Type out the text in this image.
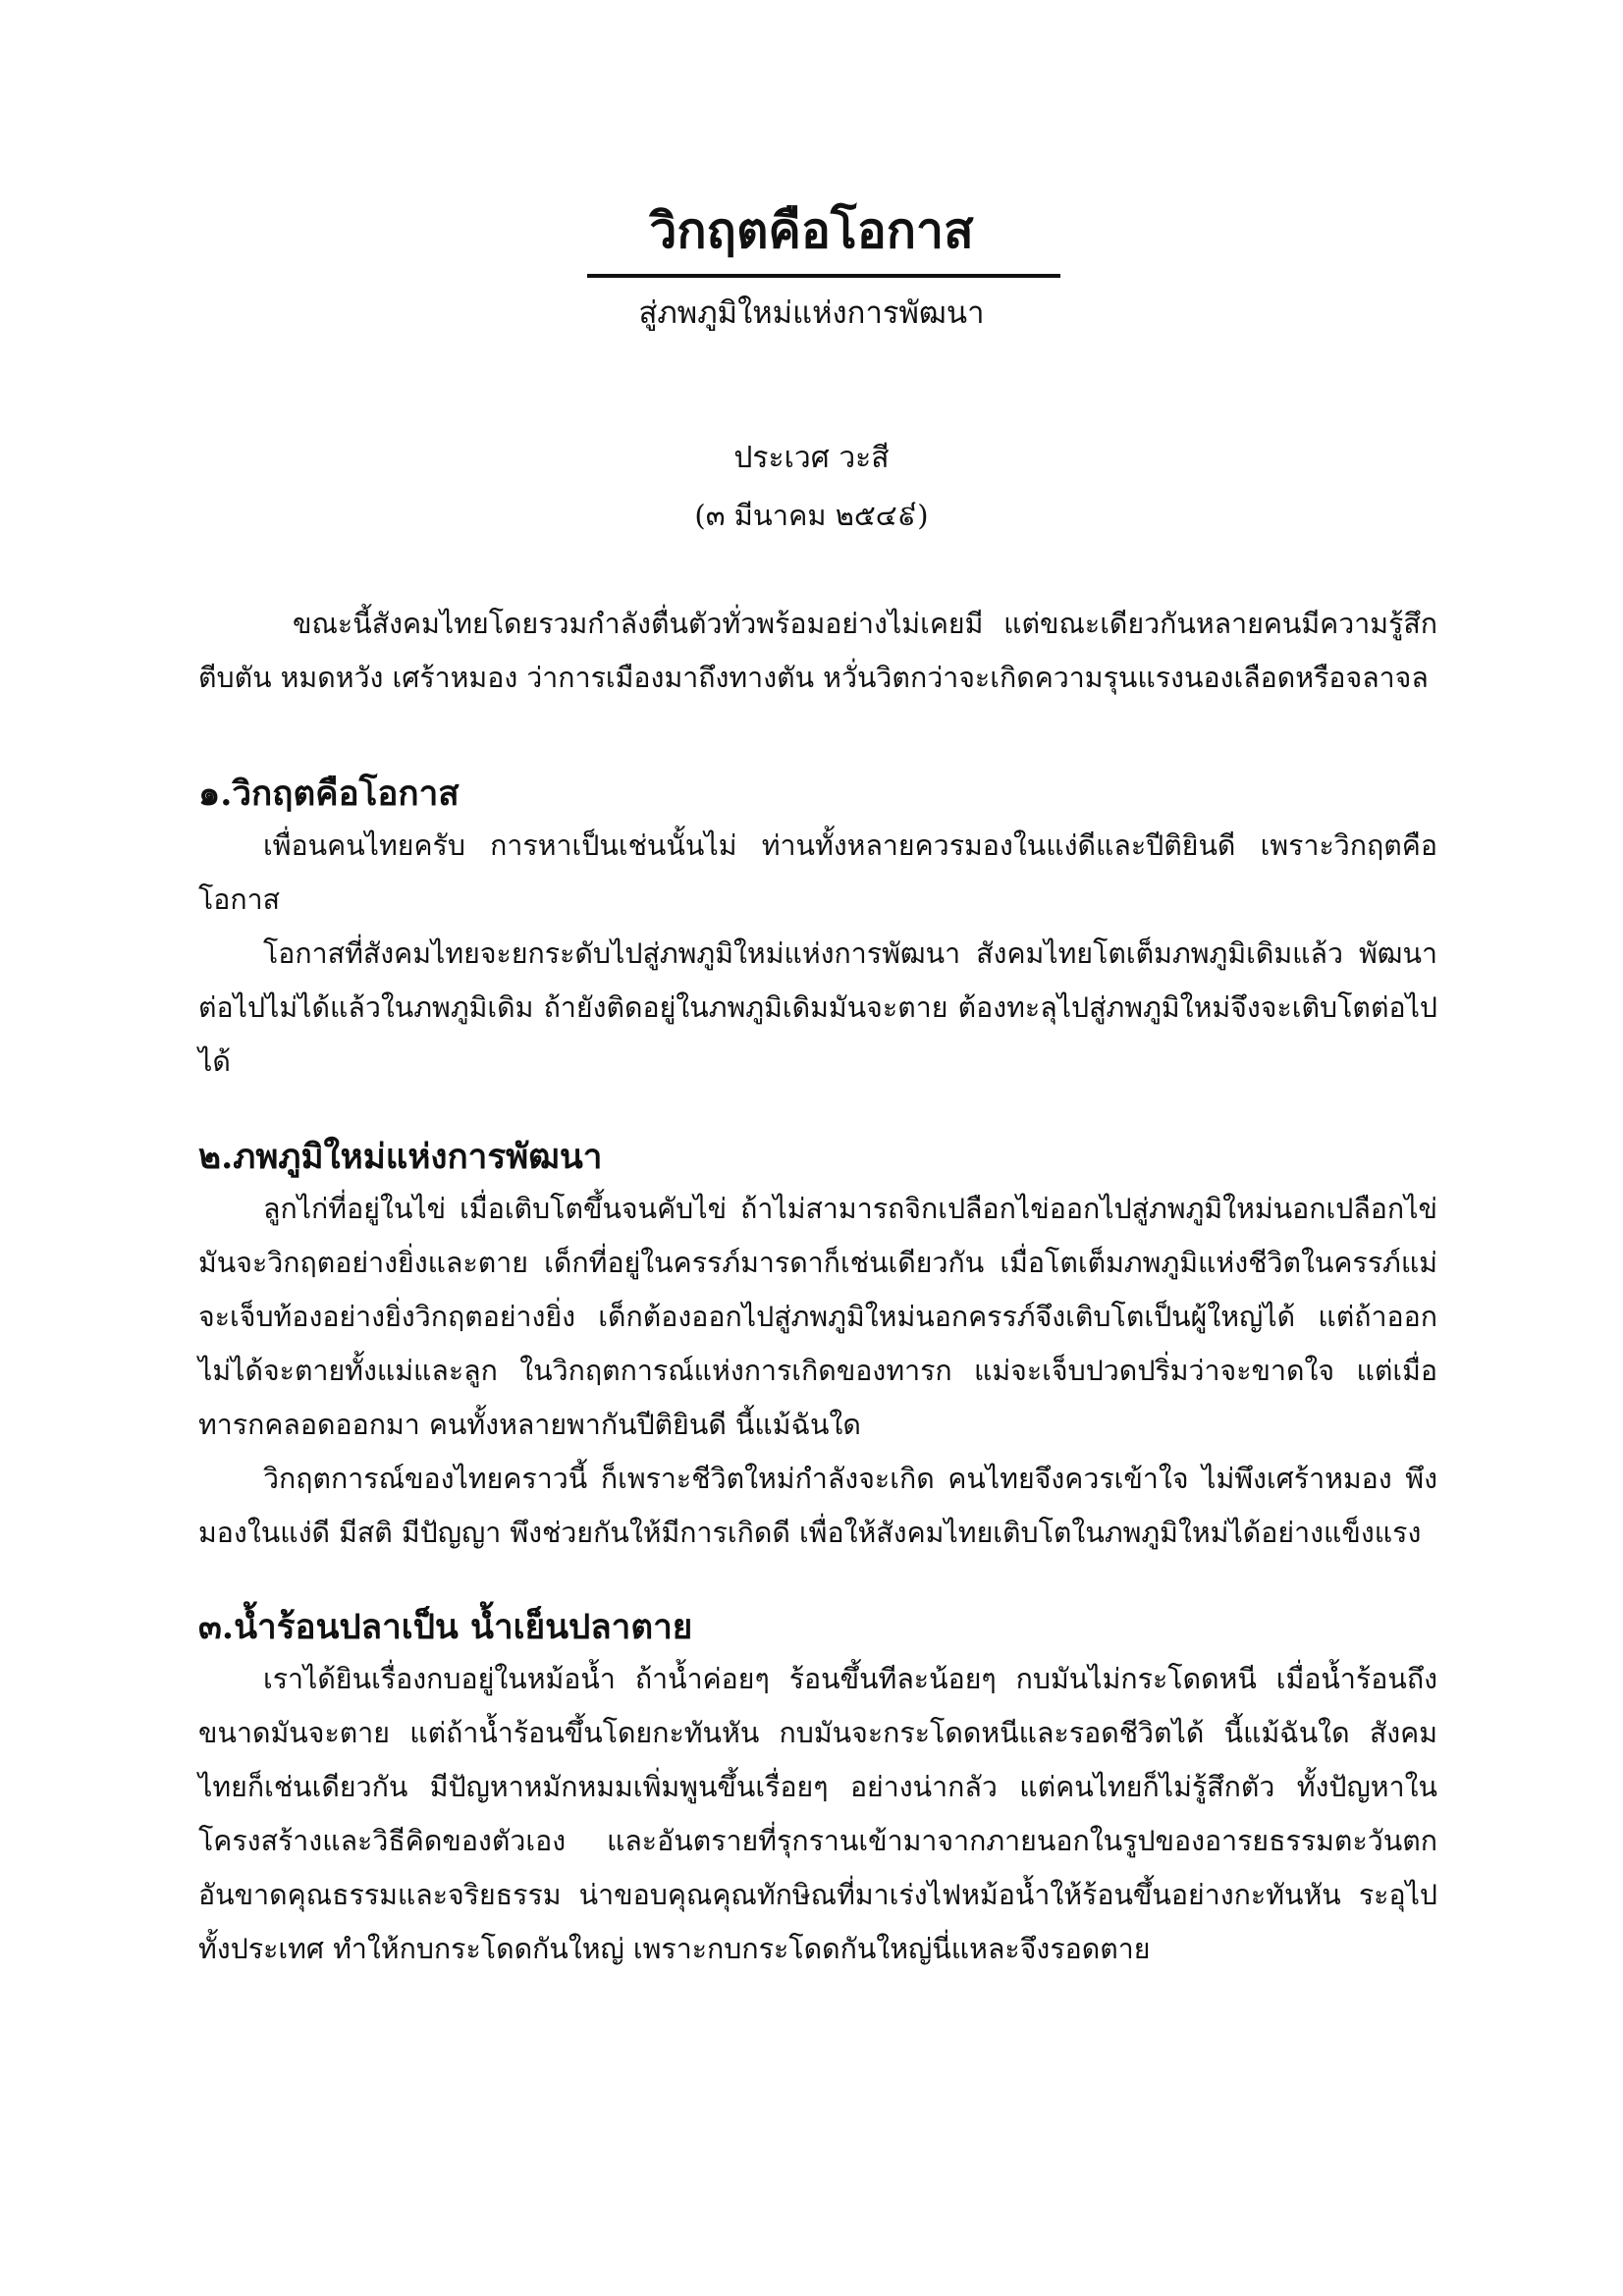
วิกฤตคือโอกาส
สู่ภพภูมิใหม่แห่งการพัฒนา
ประเวศ วะสี
(๓ มีนาคม ๒๕๔៩)

ขณะนี้สังคมไทยโดยรวมกำลังตื่นตัวทั่วพร้อมอย่างไม่เคยมี แต่ขณะเดียวกันหลายคนมีความรู้สึกตีบตัน หมดหวัง เศร้าหมอง ว่าการเมืองมาถึงทางตัน หวั่นวิตกว่าจะเกิดความรุนแรงนองเลือดหรือจลาจล

๑.วิกฤตคือโอกาส

เพื่อนคนไทยครับ การหาเป็นเช่นนั้นไม่ ท่านทั้งหลายควรมองในแง่ดีและปีติยินดี เพราะวิกฤตคือโอกาส

โอกาสที่สังคมไทยจะยกระดับไปสู่ภพภูมิใหม่แห่งการพัฒนา สังคมไทยโตเต็มภพภูมิเดิมแล้ว พัฒนาต่อไปไม่ได้แล้วในภพภูมิเดิม ถ้ายังติดอยู่ในภพภูมิเดิมมันจะตาย ต้องทะลุไปสู่ภพภูมิใหม่จึงจะเติบโตต่อไปได้

๒.ภพภูมิใหม่แห่งการพัฒนา

ลูกไก่ที่อยู่ในไข่ เมื่อเติบโตขึ้นจนคับไข่ ถ้าไม่สามารถจิกเปลือกไข่ออกไปสู่ภพภูมิใหม่นอกเปลือกไข่ มันจะวิกฤตอย่างยิ่งและตาย เด็กที่อยู่ในครรภ์มารดาก็เช่นเดียวกัน เมื่อโตเต็มภพภูมิแห่งชีวิตในครรภ์แม่จะเจ็บท้องอย่างยิ่งวิกฤตอย่างยิ่ง เด็กต้องออกไปสู่ภพภูมิใหม่นอกครรภ์จึงเติบโตเป็นผู้ใหญ่ได้ แต่ถ้าออกไม่ได้จะตายทั้งแม่และลูก ในวิกฤตการณ์แห่งการเกิดของทารก แม่จะเจ็บปวดปริ่มว่าจะขาดใจ แต่เมื่อทารกคลอดออกมา คนทั้งหลายพากันปีติยินดี นี้แม้ฉันใด

วิกฤตการณ์ของไทยคราวนี้ ก็เพราะชีวิตใหม่กำลังจะเกิด คนไทยจึงควรเข้าใจ ไม่พึงเศร้าหมอง พึงมองในแง่ดี มีสติ มีปัญญา พึงช่วยกันให้มีการเกิดดี เพื่อให้สังคมไทยเติบโตในภพภูมิใหม่ได้อย่างแข็งแรง

๓.น้ำร้อนปลาเป็น น้ำเย็นปลาตาย

เราได้ยินเรื่องกบอยู่ในหม้อน้ำ ถ้าน้ำค่อยๆ ร้อนขึ้นทีละน้อยๆ กบมันไม่กระโดดหนี เมื่อน้ำร้อนถึงขนาดมันจะตาย แต่ถ้าน้ำร้อนขึ้นโดยกะทันหัน กบมันจะกระโดดหนีและรอดชีวิตได้ นี้แม้ฉันใด สังคมไทยก็เช่นเดียวกัน มีปัญหาหมักหมมเพิ่มพูนขึ้นเรื่อยๆ อย่างน่ากลัว แต่คนไทยก็ไม่รู้สึกตัว ทั้งปัญหาในโครงสร้างและวิธีคิดของตัวเอง และอันตรายที่รุกรานเข้ามาจากภายนอกในรูปของอารยธรรมตะวันตกอันขาดคุณธรรมและจริยธรรม น่าขอบคุณคุณทักษิณที่มาเร่งไฟหม้อน้ำให้ร้อนขึ้นอย่างกะทันหัน ระอุไปทั้งประเทศ ทำให้กบกระโดดกันใหญ่ เพราะกบกระโดดกันใหญ่นี่แหละจึงรอดตาย
